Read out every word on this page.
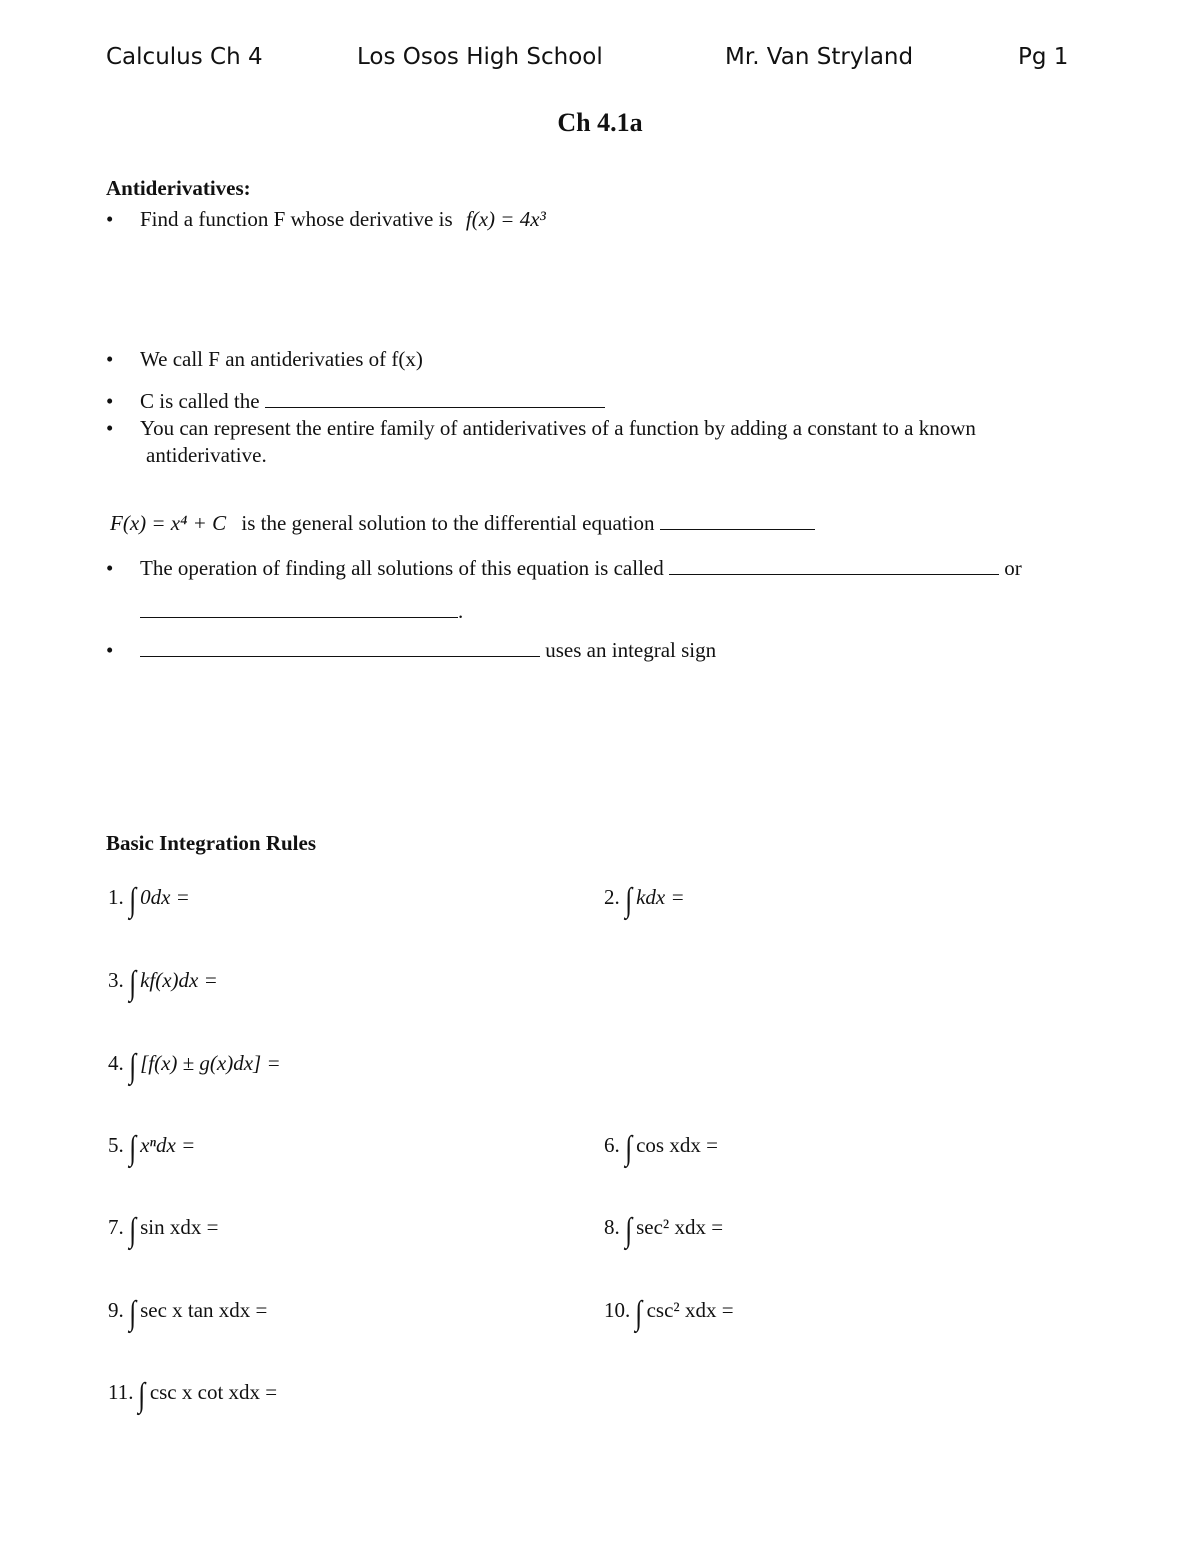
Calculus Ch 4	Los Osos High School	Mr. Van Stryland	Pg 1
Ch 4.1a
Antiderivatives:
• Find a function F whose derivative is f(x) = 4x³
• We call F an antiderivaties of f(x)
• C is called the
• You can represent the entire family of antiderivatives of a function by adding a constant to a known
antiderivative.
F(x) = x⁴ + C is the general solution to the differential equation
• The operation of finding all solutions of this equation is called	or
.
•	uses an integral sign
Basic Integration Rules
1. ∫ 0dx =	2. ∫ kdx =
3. ∫ kf(x)dx =
4. ∫ [f(x) ± g(x)dx] =
5. ∫ xⁿdx =	6. ∫ cos xdx =
7. ∫ sin xdx =	8. ∫ sec² xdx =
9. ∫ sec x tan xdx =	10. ∫ csc² xdx =
11. ∫ csc x cot xdx =
